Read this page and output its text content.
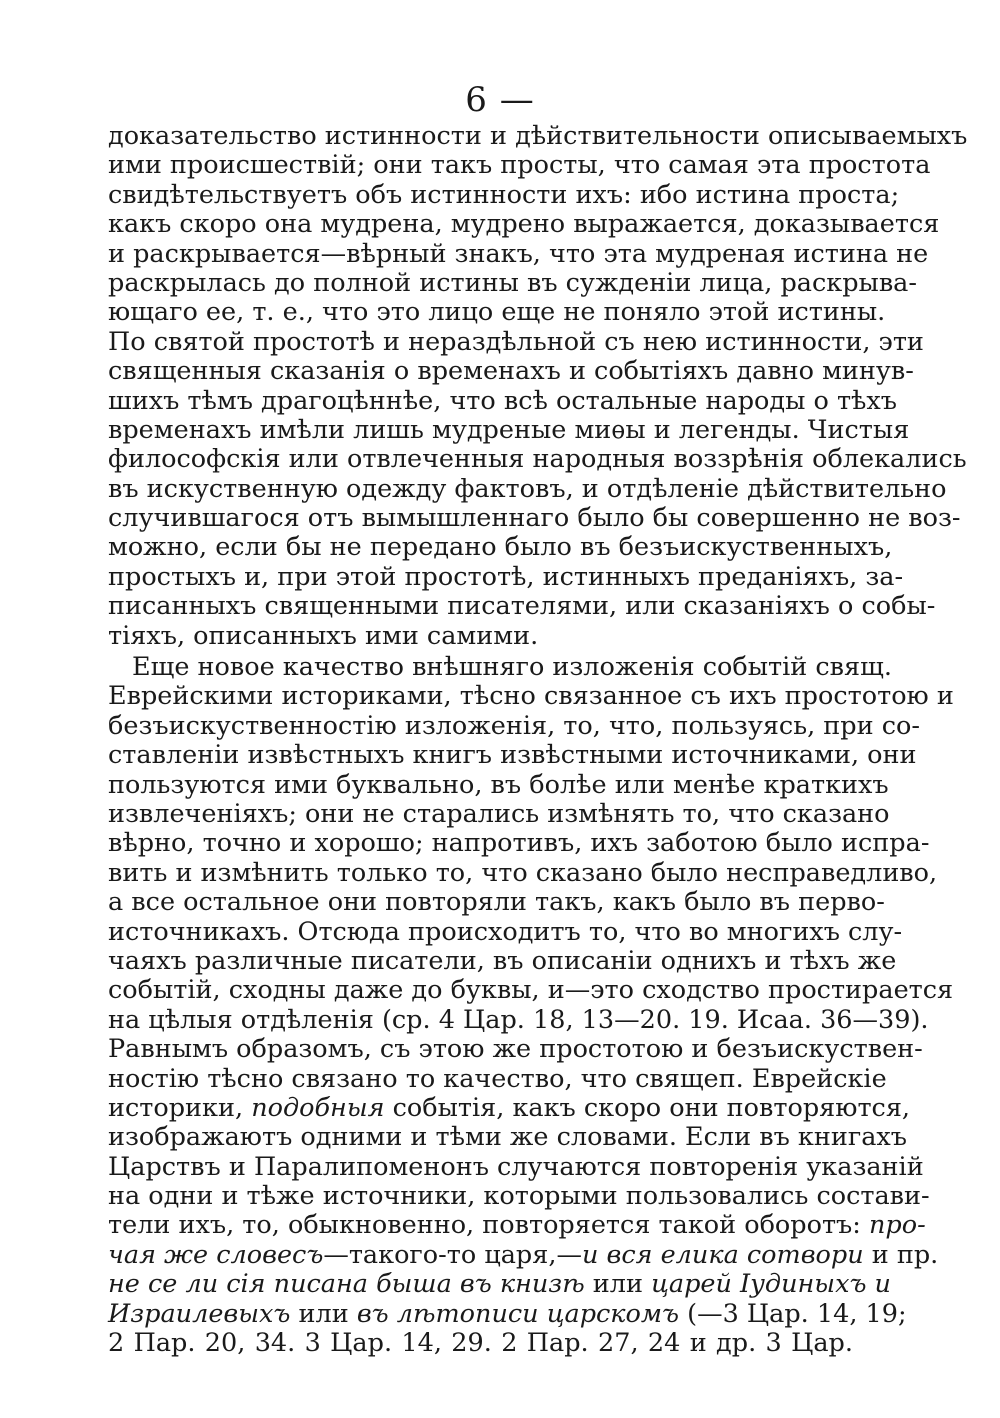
6 —
доказательство истинности и дѣйствительности описываемыхъ
ими происшествій; они такъ просты, что самая эта простота
свидѣтельствуетъ объ истинности ихъ: ибо истина проста;
какъ скоро она мудрена, мудрено выражается, доказывается
и раскрывается—вѣрный знакъ, что эта мудреная истина не
раскрылась до полной истины въ сужденіи лица, раскрыва-
ющаго ее, т. е., что это лицо еще не поняло этой истины.
По святой простотѣ и нераздѣльной съ нею истинности, эти
священныя сказанія о временахъ и событіяхъ давно минув-
шихъ тѣмъ драгоцѣннѣе, что всѣ остальные народы о тѣхъ
временахъ имѣли лишь мудреные миѳы и легенды. Чистыя
философскія или отвлеченныя народныя воззрѣнія облекались
въ искуственную одежду фактовъ, и отдѣленіе дѣйствительно
случившагося отъ вымышленнаго было бы совершенно не воз-
можно, если бы не передано было въ безъискуственныхъ,
простыхъ и, при этой простотѣ, истинныхъ преданіяхъ, за-
писанныхъ священными писателями, или сказаніяхъ о собы-
тіяхъ, описанныхъ ими самими.
Еще новое качество внѣшняго изложенія событій свящ.
Еврейскими историками, тѣсно связанное съ ихъ простотою и
безъискуственностію изложенія, то, что, пользуясь, при со-
ставленіи извѣстныхъ книгъ извѣстными источниками, они
пользуются ими буквально, въ болѣе или менѣе краткихъ
извлеченіяхъ; они не старались измѣнять то, что сказано
вѣрно, точно и хорошо; напротивъ, ихъ заботою было испра-
вить и измѣнить только то, что сказано было несправедливо,
а все остальное они повторяли такъ, какъ было въ перво-
источникахъ. Отсюда происходитъ то, что во многихъ слу-
чаяхъ различные писатели, въ описаніи однихъ и тѣхъ же
событій, сходны даже до буквы, и—это сходство простирается
на цѣлыя отдѣленія (ср. 4 Цар. 18, 13—20. 19. Исаа. 36—39).
Равнымъ образомъ, съ этою же простотою и безъискуствен-
ностію тѣсно связано то качество, что свящеп. Еврейскіе
историки, подобныя событія, какъ скоро они повторяются,
изображаютъ одними и тѣми же словами. Если въ книгахъ
Царствъ и Паралипоменонъ случаются повторенія указаній
на одни и тѣже источники, которыми пользовались состави-
тели ихъ, то, обыкновенно, повторяется такой оборотъ: про-
чая же словесъ—такого-то царя,—и вся елика сотвори и пр.
не се ли сія писана быша въ книзѣ или царей Іудиныхъ и
Израилевыхъ или въ лѣтописи царскомъ (—3 Цар. 14, 19;
2 Пар. 20, 34. 3 Цар. 14, 29. 2 Пар. 27, 24 и др. 3 Цар.
